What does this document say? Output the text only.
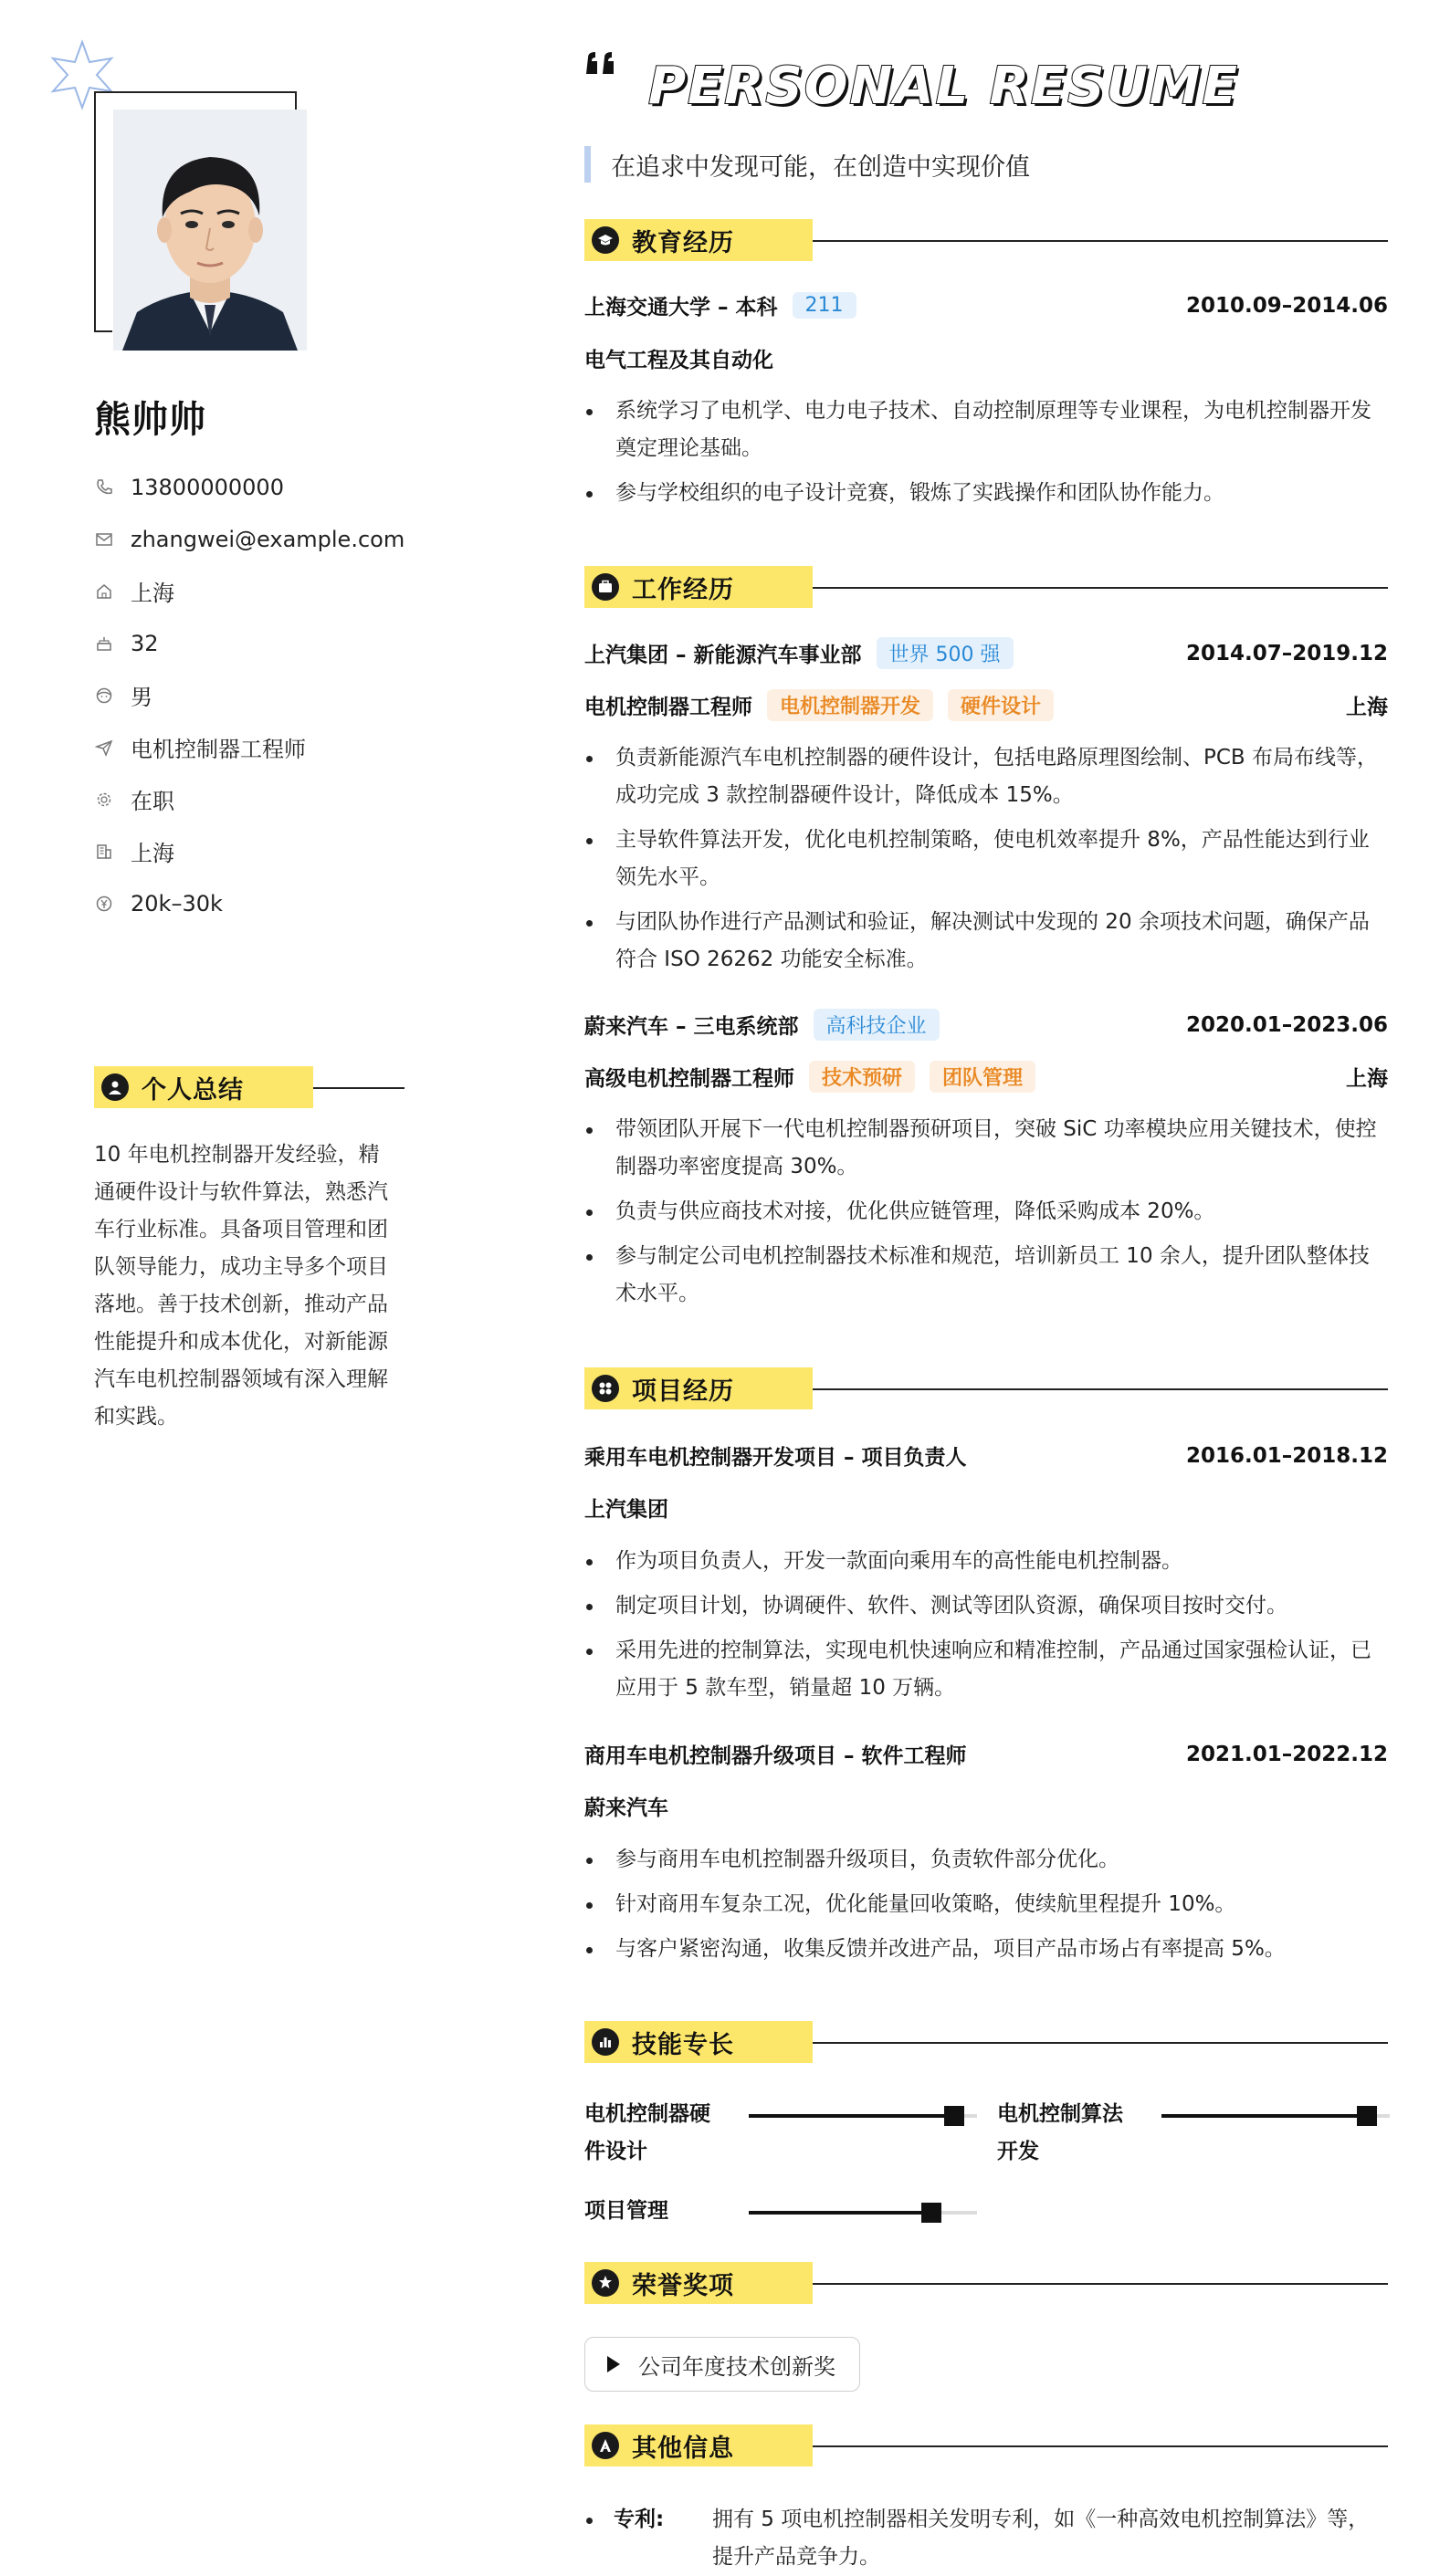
熊帅帅
13800000000
zhangwei@example.com
上海
32
男
电机控制器工程师
在职
上海
20k–30k
个人总结
10 年电机控制器开发经验，精通硬件设计与软件算法，熟悉汽车行业标准。具备项目管理和团队领导能力，成功主导多个项目落地。善于技术创新，推动产品性能提升和成本优化，对新能源汽车电机控制器领域有深入理解和实践。
PERSONAL RESUME
在追求中发现可能，在创造中实现价值
教育经历
上海交通大学 – 本科	211	2010.09–2014.06
电气工程及其自动化
系统学习了电机学、电力电子技术、自动控制原理等专业课程，为电机控制器开发奠定理论基础。
参与学校组织的电子设计竞赛，锻炼了实践操作和团队协作能力。
工作经历
上汽集团 – 新能源汽车事业部	世界 500 强	2014.07–2019.12
电机控制器工程师	电机控制器开发	硬件设计	上海
负责新能源汽车电机控制器的硬件设计，包括电路原理图绘制、PCB 布局布线等，成功完成 3 款控制器硬件设计，降低成本 15%。
主导软件算法开发，优化电机控制策略，使电机效率提升 8%，产品性能达到行业领先水平。
与团队协作进行产品测试和验证，解决测试中发现的 20 余项技术问题，确保产品符合 ISO 26262 功能安全标准。
蔚来汽车 – 三电系统部	高科技企业	2020.01–2023.06
高级电机控制器工程师	技术预研	团队管理	上海
带领团队开展下一代电机控制器预研项目，突破 SiC 功率模块应用关键技术，使控制器功率密度提高 30%。
负责与供应商技术对接，优化供应链管理，降低采购成本 20%。
参与制定公司电机控制器技术标准和规范，培训新员工 10 余人，提升团队整体技术水平。
项目经历
乘用车电机控制器开发项目 – 项目负责人	2016.01–2018.12
上汽集团
作为项目负责人，开发一款面向乘用车的高性能电机控制器。
制定项目计划，协调硬件、软件、测试等团队资源，确保项目按时交付。
采用先进的控制算法，实现电机快速响应和精准控制，产品通过国家强检认证，已应用于 5 款车型，销量超 10 万辆。
商用车电机控制器升级项目 – 软件工程师	2021.01–2022.12
蔚来汽车
参与商用车电机控制器升级项目，负责软件部分优化。
针对商用车复杂工况，优化能量回收策略，使续航里程提升 10%。
与客户紧密沟通，收集反馈并改进产品，项目产品市场占有率提高 5%。
技能专长
电机控制器硬
件设计
电机控制算法
开发
项目管理
荣誉奖项
公司年度技术创新奖
其他信息
专利: 拥有 5 项电机控制器相关发明专利，如《一种高效电机控制算法》等，提升产品竞争力。
